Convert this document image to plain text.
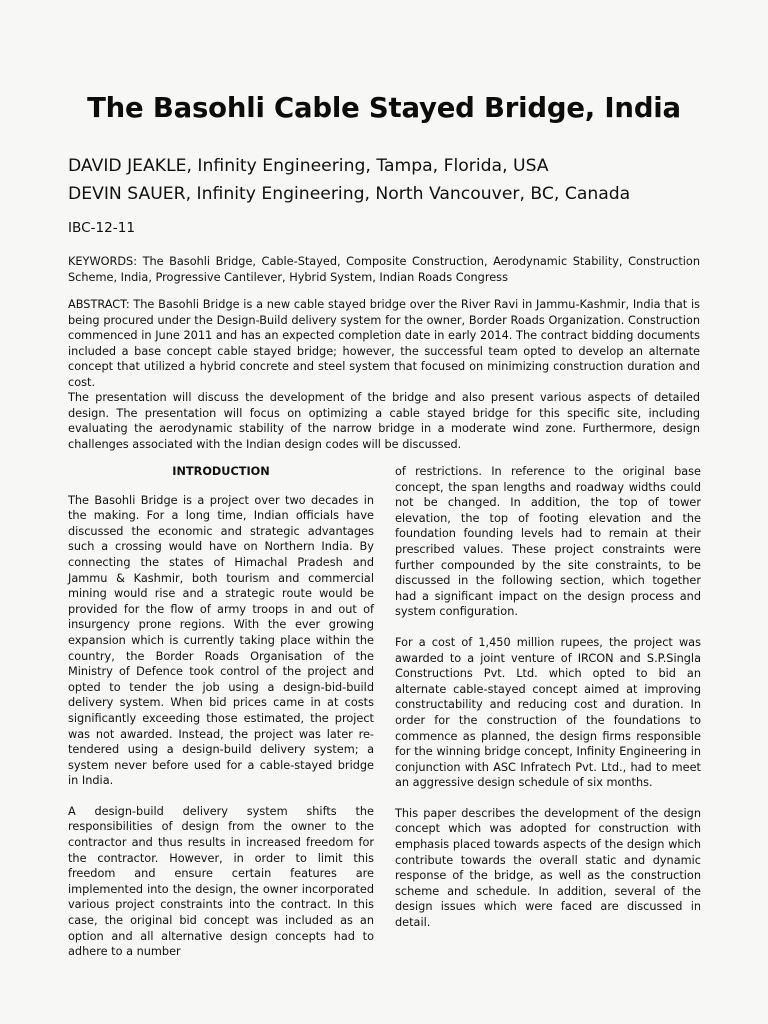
The Basohli Cable Stayed Bridge, India
DAVID JEAKLE, Infinity Engineering, Tampa, Florida, USA
DEVIN SAUER, Infinity Engineering, North Vancouver, BC, Canada
IBC-12-11

KEYWORDS: The Basohli Bridge, Cable-Stayed, Composite Construction, Aerodynamic Stability, Construction Scheme, India, Progressive Cantilever, Hybrid System, Indian Roads Congress

ABSTRACT: The Basohli Bridge is a new cable stayed bridge over the River Ravi in Jammu-Kashmir, India that is being procured under the Design-Build delivery system for the owner, Border Roads Organization. Construction commenced in June 2011 and has an expected completion date in early 2014. The contract bidding documents included a base concept cable stayed bridge; however, the successful team opted to develop an alternate concept that utilized a hybrid concrete and steel system that focused on minimizing construction duration and cost.

The presentation will discuss the development of the bridge and also present various aspects of detailed design. The presentation will focus on optimizing a cable stayed bridge for this specific site, including evaluating the aerodynamic stability of the narrow bridge in a moderate wind zone. Furthermore, design challenges associated with the Indian design codes will be discussed.

INTRODUCTION

The Basohli Bridge is a project over two decades in the making. For a long time, Indian officials have discussed the economic and strategic advantages such a crossing would have on Northern India. By connecting the states of Himachal Pradesh and Jammu & Kashmir, both tourism and commercial mining would rise and a strategic route would be provided for the flow of army troops in and out of insurgency prone regions. With the ever growing expansion which is currently taking place within the country, the Border Roads Organisation of the Ministry of Defence took control of the project and opted to tender the job using a design-bid-build delivery system. When bid prices came in at costs significantly exceeding those estimated, the project was not awarded. Instead, the project was later re-tendered using a design-build delivery system; a system never before used for a cable-stayed bridge in India.

A design-build delivery system shifts the responsibilities of design from the owner to the contractor and thus results in increased freedom for the contractor. However, in order to limit this freedom and ensure certain features are implemented into the design, the owner incorporated various project constraints into the contract. In this case, the original bid concept was included as an option and all alternative design concepts had to adhere to a number

of restrictions. In reference to the original base concept, the span lengths and roadway widths could not be changed. In addition, the top of tower elevation, the top of footing elevation and the foundation founding levels had to remain at their prescribed values. These project constraints were further compounded by the site constraints, to be discussed in the following section, which together had a significant impact on the design process and system configuration.

For a cost of 1,450 million rupees, the project was awarded to a joint venture of IRCON and S.P.Singla Constructions Pvt. Ltd. which opted to bid an alternate cable-stayed concept aimed at improving constructability and reducing cost and duration. In order for the construction of the foundations to commence as planned, the design firms responsible for the winning bridge concept, Infinity Engineering in conjunction with ASC Infratech Pvt. Ltd., had to meet an aggressive design schedule of six months.

This paper describes the development of the design concept which was adopted for construction with emphasis placed towards aspects of the design which contribute towards the overall static and dynamic response of the bridge, as well as the construction scheme and schedule. In addition, several of the design issues which were faced are discussed in detail.
